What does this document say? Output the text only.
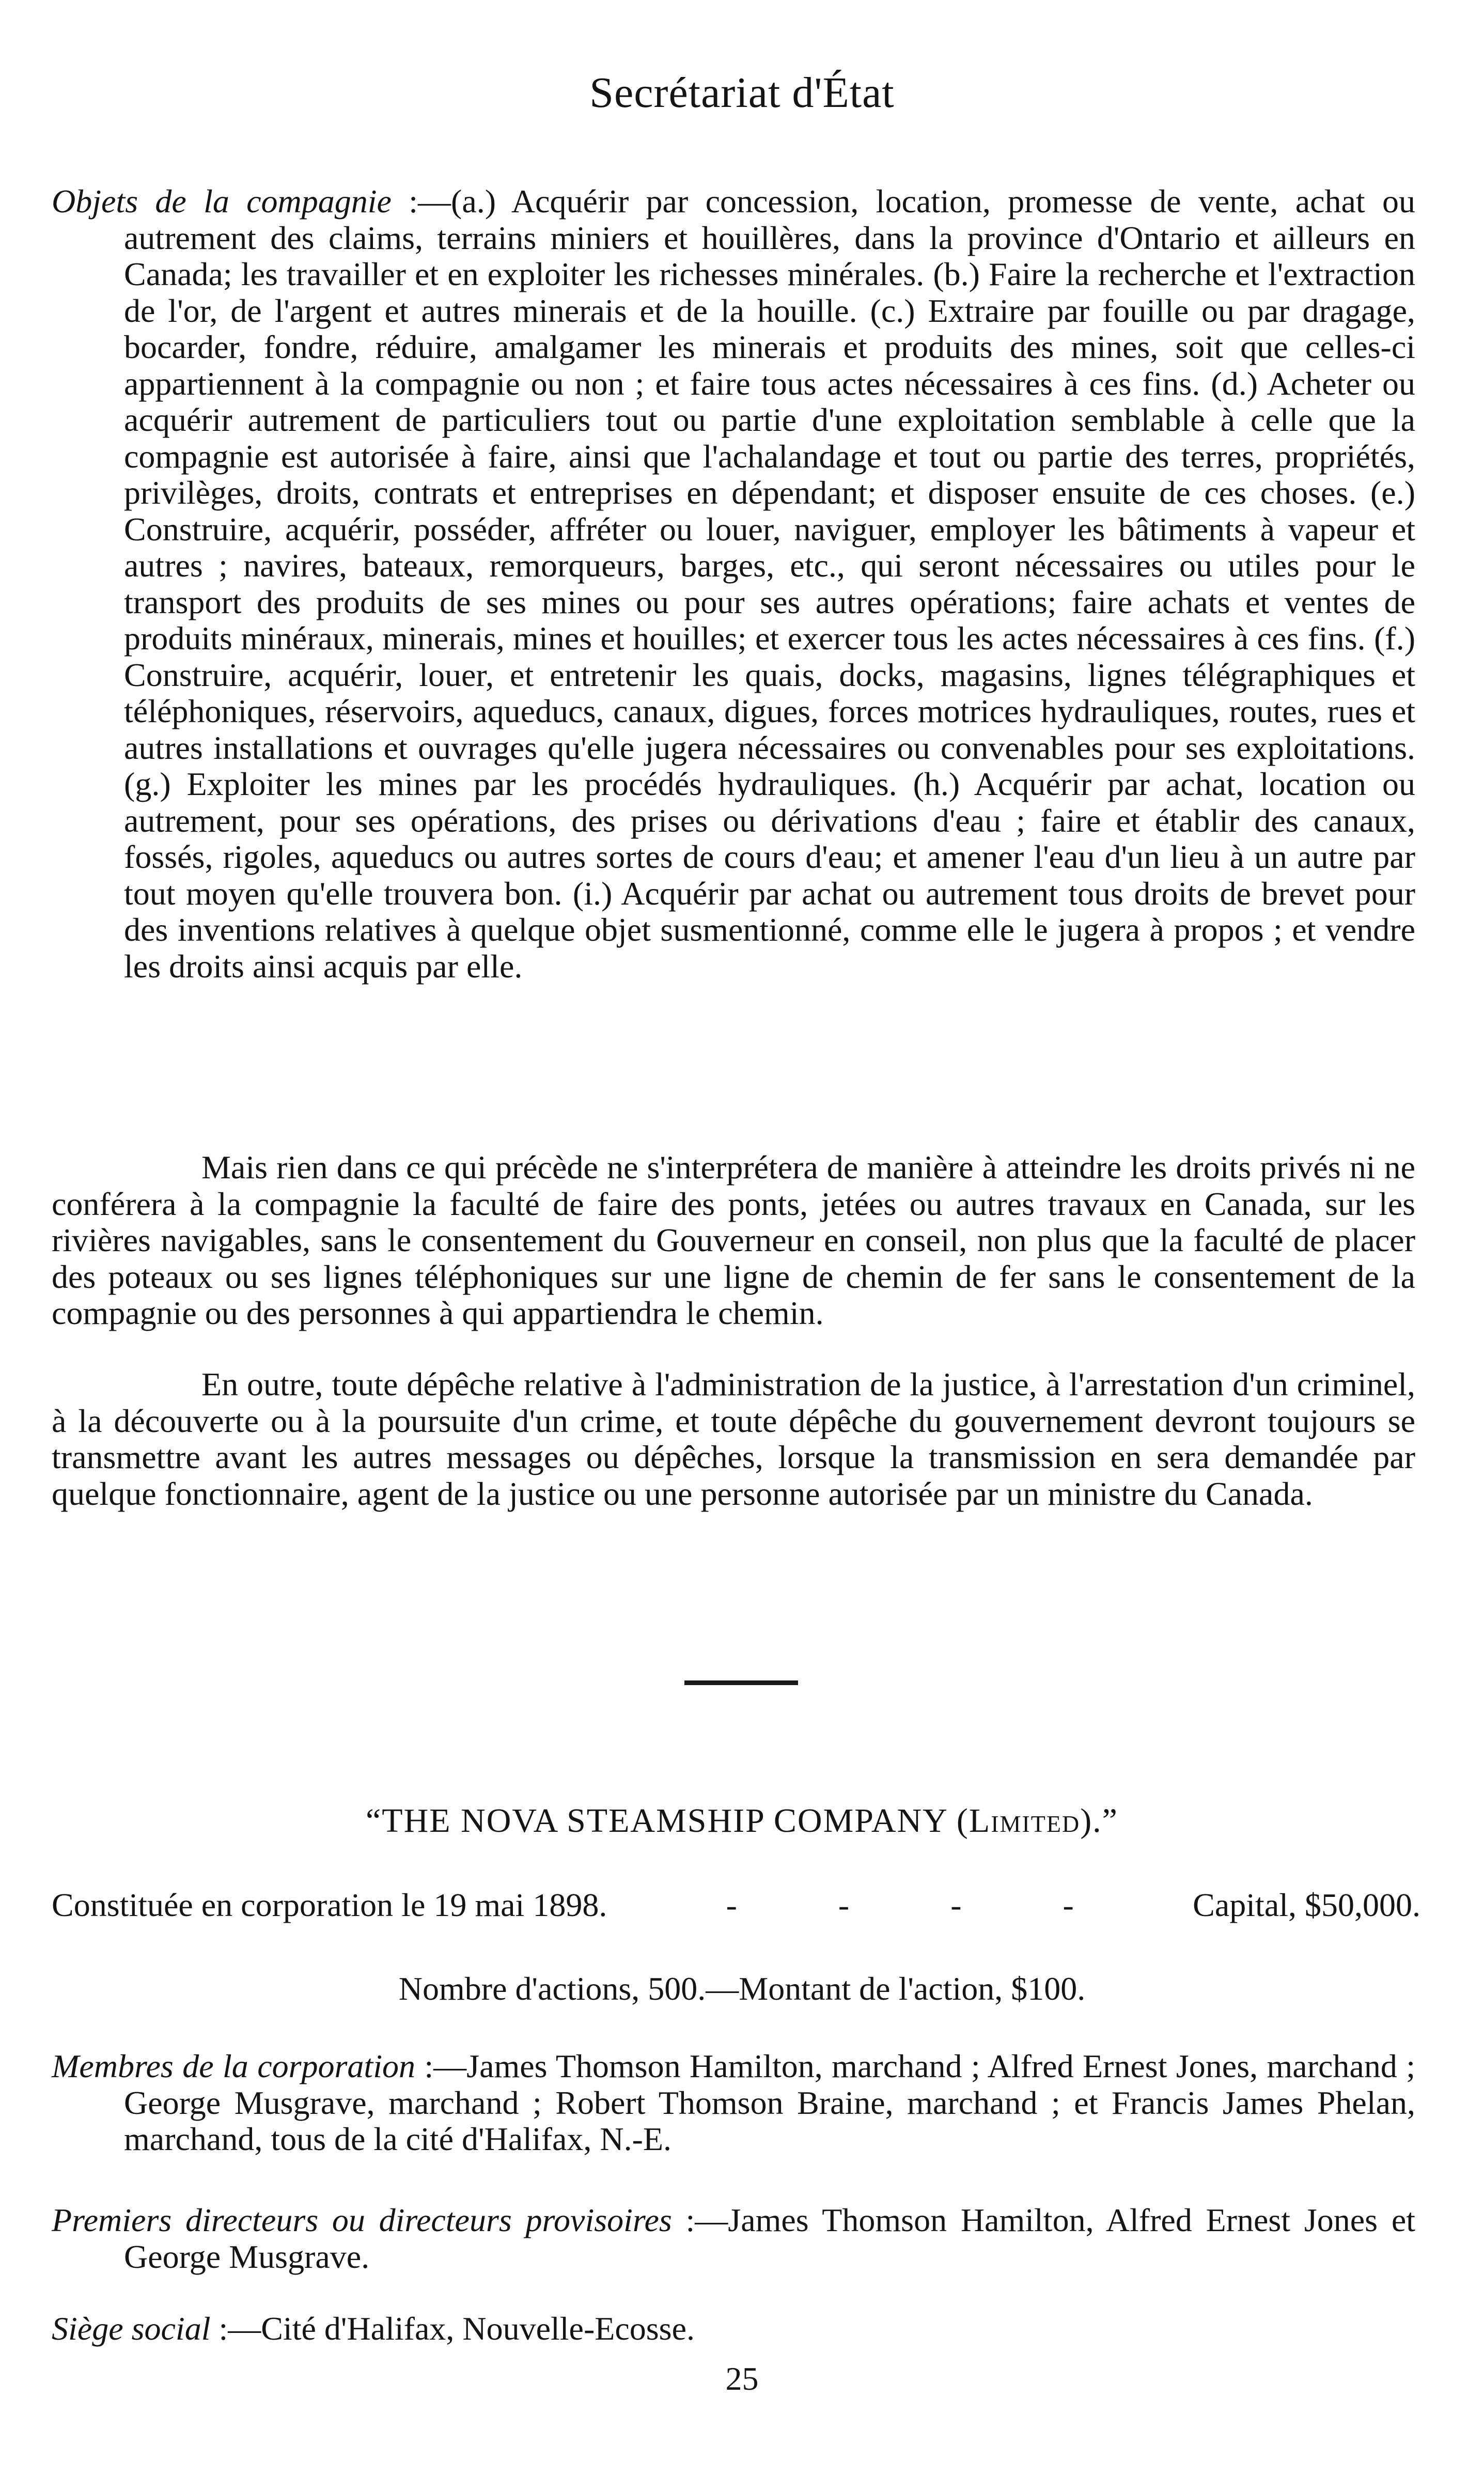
Secrétariat d'État

Objets de la compagnie :—(a.) Acquérir par concession, location, promesse de vente, achat ou autrement des claims, terrains miniers et houillères, dans la province d'Ontario et ailleurs en Canada; les travailler et en exploiter les richesses minérales. (b.) Faire la recherche et l'extraction de l'or, de l'argent et autres minerais et de la houille. (c.) Extraire par fouille ou par dragage, bocarder, fondre, réduire, amalgamer les minerais et produits des mines, soit que celles-ci appartiennent à la compagnie ou non ; et faire tous actes nécessaires à ces fins. (d.) Acheter ou acquérir autrement de particuliers tout ou partie d'une exploitation semblable à celle que la compagnie est autorisée à faire, ainsi que l'achalandage et tout ou partie des terres, propriétés, privilèges, droits, contrats et entreprises en dépendant; et disposer ensuite de ces choses. (e.) Construire, acquérir, posséder, affréter ou louer, naviguer, employer les bâtiments à vapeur et autres ; navires, bateaux, remorqueurs, barges, etc., qui seront nécessaires ou utiles pour le transport des produits de ses mines ou pour ses autres opérations; faire achats et ventes de produits minéraux, minerais, mines et houilles; et exercer tous les actes nécessaires à ces fins. (f.) Construire, acquérir, louer, et entretenir les quais, docks, magasins, lignes télégraphiques et téléphoniques, réservoirs, aqueducs, canaux, digues, forces motrices hydrauliques, routes, rues et autres installations et ouvrages qu'elle jugera nécessaires ou convenables pour ses exploitations. (g.) Exploiter les mines par les procédés hydrauliques. (h.) Acquérir par achat, location ou autrement, pour ses opérations, des prises ou dérivations d'eau ; faire et établir des canaux, fossés, rigoles, aqueducs ou autres sortes de cours d'eau; et amener l'eau d'un lieu à un autre par tout moyen qu'elle trouvera bon. (i.) Acquérir par achat ou autrement tous droits de brevet pour des inventions relatives à quelque objet susmentionné, comme elle le jugera à propos ; et vendre les droits ainsi acquis par elle.

Mais rien dans ce qui précède ne s'interprétera de manière à atteindre les droits privés ni ne conférera à la compagnie la faculté de faire des ponts, jetées ou autres travaux en Canada, sur les rivières navigables, sans le consentement du Gouverneur en conseil, non plus que la faculté de placer des poteaux ou ses lignes téléphoniques sur une ligne de chemin de fer sans le consentement de la compagnie ou des personnes à qui appartiendra le chemin.

En outre, toute dépêche relative à l'administration de la justice, à l'arrestation d'un criminel, à la découverte ou à la poursuite d'un crime, et toute dépêche du gouvernement devront toujours se transmettre avant les autres messages ou dépêches, lorsque la transmission en sera demandée par quelque fonctionnaire, agent de la justice ou une personne autorisée par un ministre du Canada.

“THE NOVA STEAMSHIP COMPANY (Limited).”
Constituée en corporation le 19 mai 1898.	- - - - Capital, $50,000.
Nombre d'actions, 500.—Montant de l'action, $100.

Membres de la corporation :—James Thomson Hamilton, marchand ; Alfred Ernest Jones, marchand ; George Musgrave, marchand ; Robert Thomson Braine, marchand ; et Francis James Phelan, marchand, tous de la cité d'Halifax, N.-E.

Premiers directeurs ou directeurs provisoires :—James Thomson Hamilton, Alfred Ernest Jones et George Musgrave.

Siège social :—Cité d'Halifax, Nouvelle-Ecosse.

25
